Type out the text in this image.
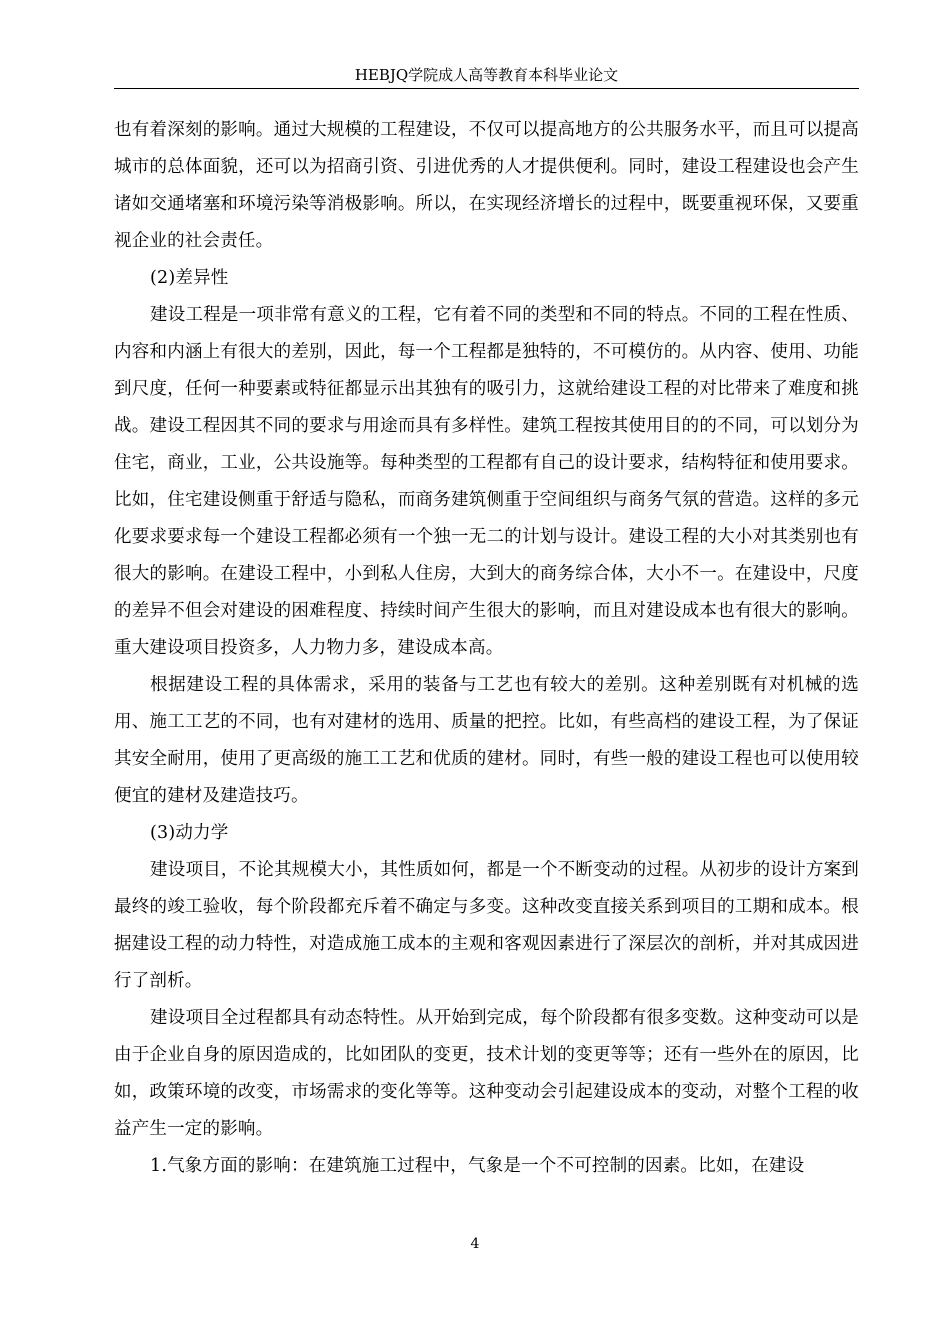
HEBJQ学院成人高等教育本科毕业论文

也有着深刻的影响。通过大规模的工程建设，不仅可以提高地方的公共服务水平，而且可以提高城市的总体面貌，还可以为招商引资、引进优秀的人才提供便利。同时，建设工程建设也会产生诸如交通堵塞和环境污染等消极影响。所以，在实现经济增长的过程中，既要重视环保，又要重视企业的社会责任。

(2)差异性

建设工程是一项非常有意义的工程，它有着不同的类型和不同的特点。不同的工程在性质、内容和内涵上有很大的差别，因此，每一个工程都是独特的，不可模仿的。从内容、使用、功能到尺度，任何一种要素或特征都显示出其独有的吸引力，这就给建设工程的对比带来了难度和挑战。建设工程因其不同的要求与用途而具有多样性。建筑工程按其使用目的的不同，可以划分为住宅，商业，工业，公共设施等。每种类型的工程都有自己的设计要求，结构特征和使用要求。比如，住宅建设侧重于舒适与隐私，而商务建筑侧重于空间组织与商务气氛的营造。这样的多元化要求要求每一个建设工程都必须有一个独一无二的计划与设计。建设工程的大小对其类别也有很大的影响。在建设工程中，小到私人住房，大到大的商务综合体，大小不一。在建设中，尺度的差异不但会对建设的困难程度、持续时间产生很大的影响，而且对建设成本也有很大的影响。重大建设项目投资多，人力物力多，建设成本高。

根据建设工程的具体需求，采用的装备与工艺也有较大的差别。这种差别既有对机械的选用、施工工艺的不同，也有对建材的选用、质量的把控。比如，有些高档的建设工程，为了保证其安全耐用，使用了更高级的施工工艺和优质的建材。同时，有些一般的建设工程也可以使用较便宜的建材及建造技巧。

(3)动力学

建设项目，不论其规模大小，其性质如何，都是一个不断变动的过程。从初步的设计方案到最终的竣工验收，每个阶段都充斥着不确定与多变。这种改变直接关系到项目的工期和成本。根据建设工程的动力特性，对造成施工成本的主观和客观因素进行了深层次的剖析，并对其成因进行了剖析。

建设项目全过程都具有动态特性。从开始到完成，每个阶段都有很多变数。这种变动可以是由于企业自身的原因造成的，比如团队的变更，技术计划的变更等等；还有一些外在的原因，比如，政策环境的改变，市场需求的变化等等。这种变动会引起建设成本的变动，对整个工程的收益产生一定的影响。

1.气象方面的影响：在建筑施工过程中，气象是一个不可控制的因素。比如，在建设

4
